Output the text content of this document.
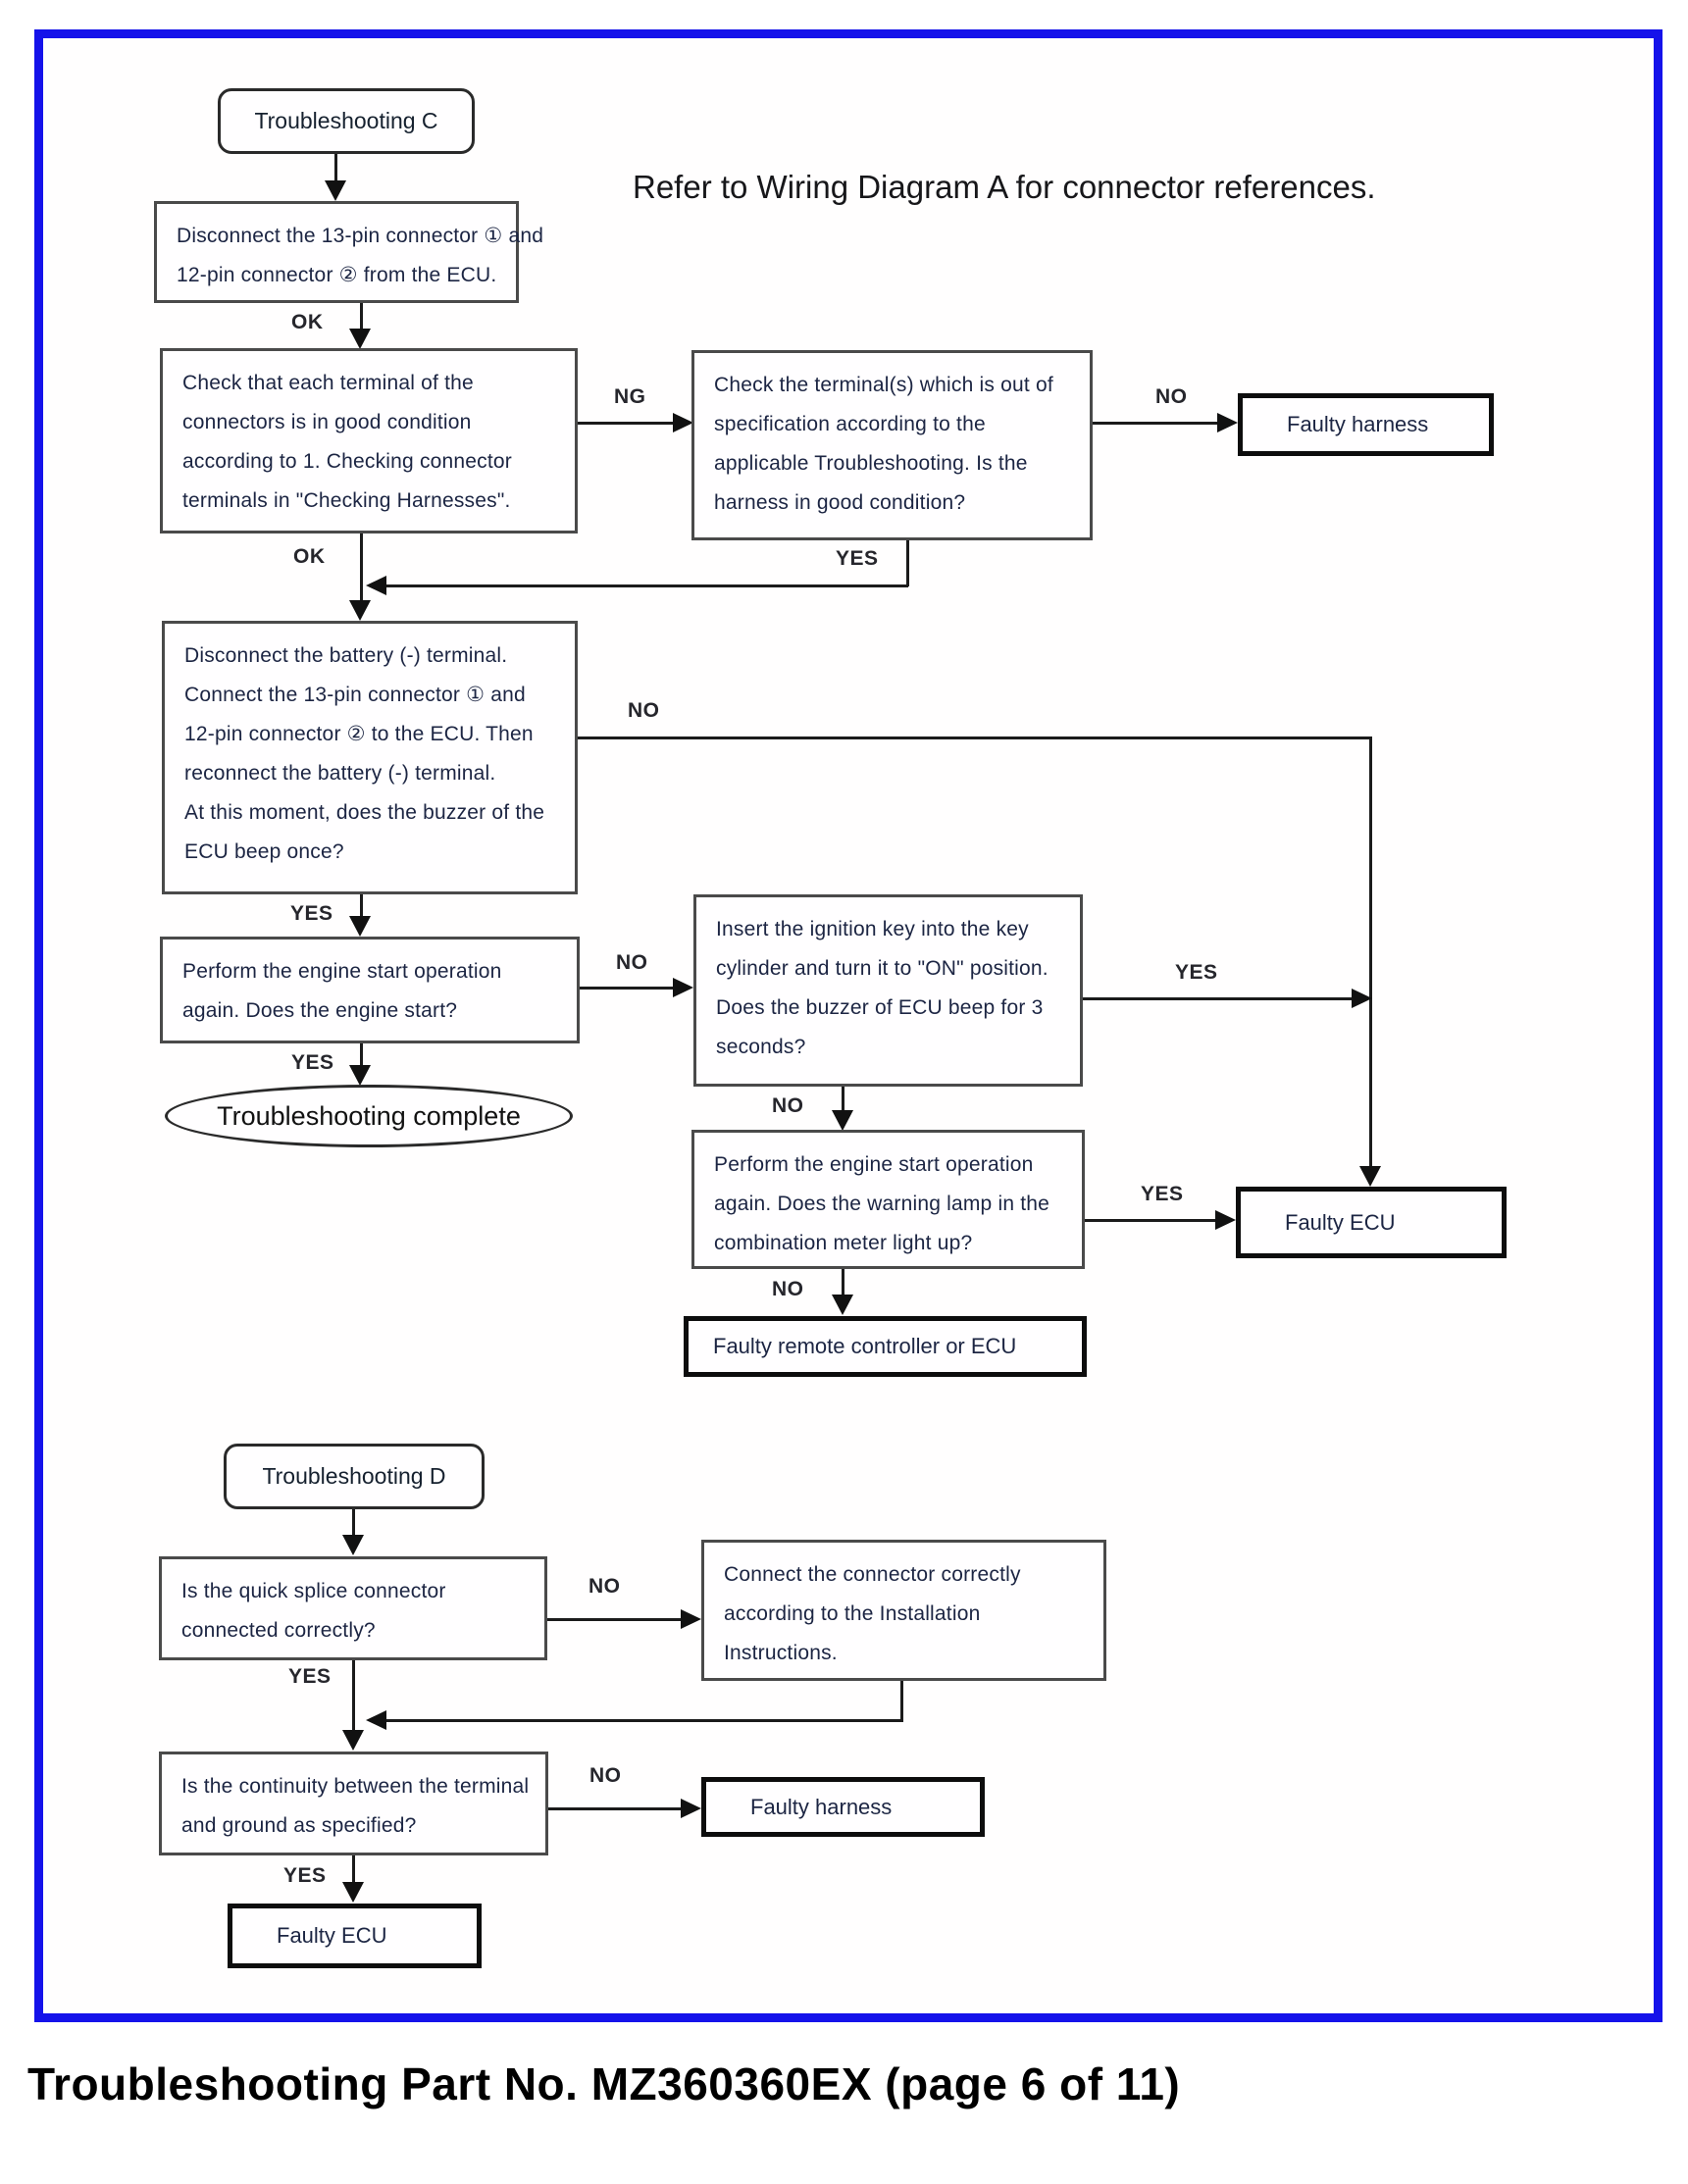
Refer to Wiring Diagram A for connector references.
Troubleshooting C
Disconnect the 13-pin connector ① and
12-pin connector ② from the ECU.
OK
Check that each terminal of the
connectors is in good condition
according to 1. Checking connector
terminals in "Checking Harnesses".
NG
Check the terminal(s) which is out of
specification according to the
applicable Troubleshooting. Is the
harness in good condition?
NO
Faulty harness
YES
OK
Disconnect the battery (-) terminal.
Connect the 13-pin connector ① and
12-pin connector ② to the ECU. Then
reconnect the battery (-) terminal.
At this moment, does the buzzer of the
ECU beep once?
NO
YES
Perform the engine start operation
again. Does the engine start?
NO
Insert the ignition key into the key
cylinder and turn it to "ON" position.
Does the buzzer of ECU beep for 3
seconds?
YES
YES
Troubleshooting complete	NO
Perform the engine start operation
again. Does the warning lamp in the
combination meter light up?
YES
Faulty ECU
NO
Faulty remote controller or ECU
Troubleshooting D
Is the quick splice connector
connected correctly?
NO
Connect the connector correctly
according to the Installation
Instructions.
YES
Is the continuity between the terminal
and ground as specified?
NO
Faulty harness
YES
Faulty ECU
Troubleshooting Part No. MZ360360EX (page 6 of 11)
